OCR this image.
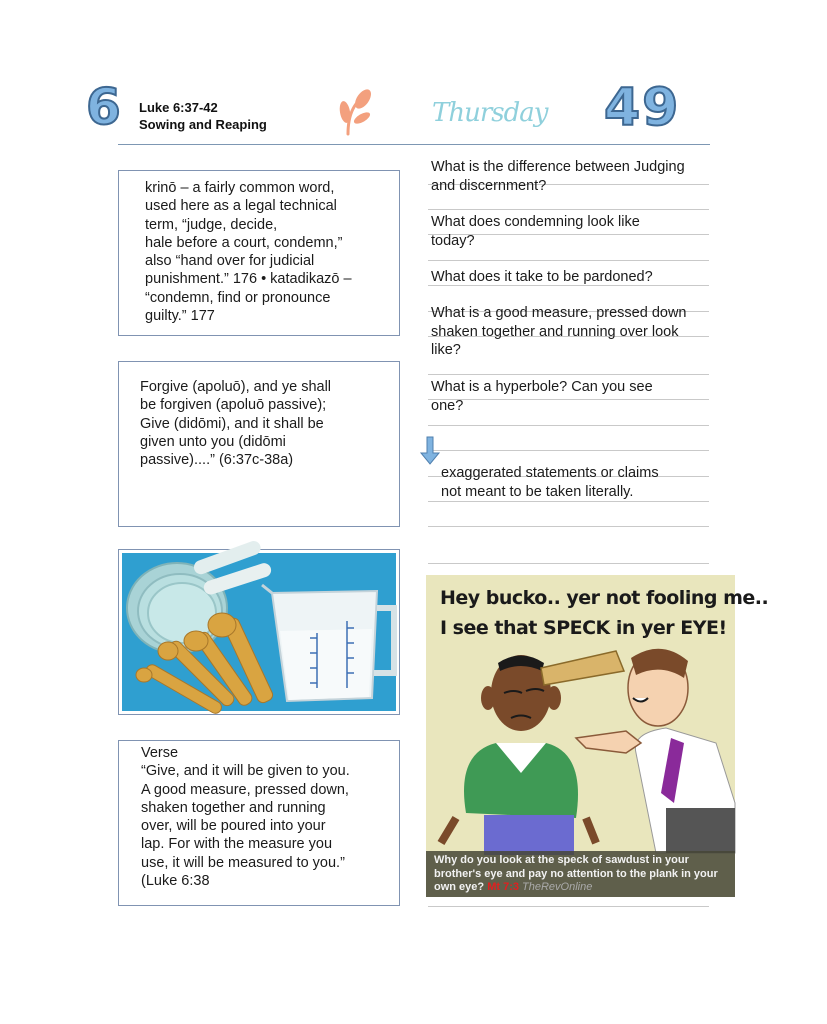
6 Luke 6:37-42
Sowing and Reaping	Thursday 49
krinō – a fairly common word,
used here as a legal technical
term, “judge, decide,
hale before a court, condemn,”
also “hand over for judicial
punishment.” 176 • katadikazō –
“condemn, find or pronounce
guilty.” 177
Forgive (apoluō), and ye shall
be forgiven (apoluō passive);
Give (didōmi), and it shall be
given unto you (didōmi
passive)....” (6:37c-38a)
Verse
“Give, and it will be given to you.
A good measure, pressed down,
shaken together and running
over, will be poured into your
lap. For with the measure you
use, it will be measured to you.”
(Luke 6:38
What is the difference between Judging
and discernment?
What does condemning look like
today?
What does it take to be pardoned?
What is a good measure, pressed down
shaken together and running over look
like?
What is a hyperbole? Can you see
one?
exaggerated statements or claims
not meant to be taken literally.
Hey bucko.. yer not fooling me..
I see that SPECK in yer EYE!
Why do you look at the speck of sawdust in your brother's eye and pay no attention to the plank in your own eye? Mt 7:3 TheRevOnline
